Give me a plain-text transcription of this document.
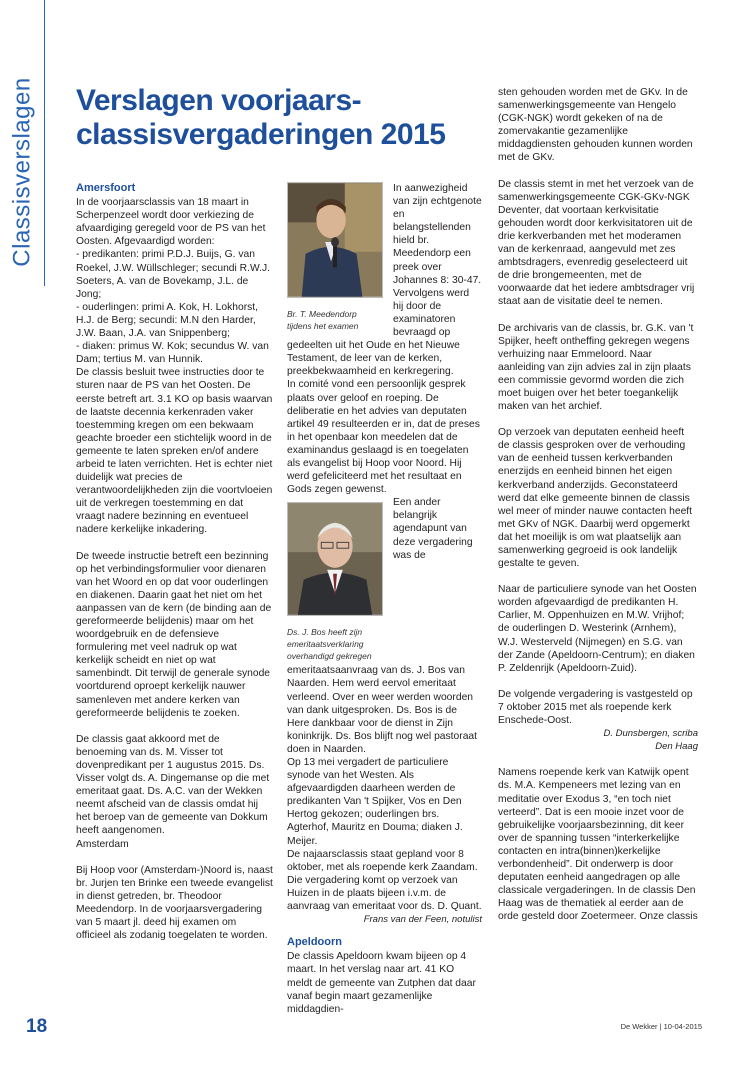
Classisverslagen Verslagen voorjaars-classisvergaderingen 2015
Amersfoort

In de voorjaarsclassis van 18 maart in Scherpenzeel wordt door verkiezing de afvaardiging geregeld voor de PS van het Oosten. Afgevaardigd worden:

- predikanten: primi P.D.J. Buijs, G. van Roekel, J.W. Wüllschleger; secundi R.W.J. Soeters, A. van de Bovekamp, J.L. de Jong;

- ouderlingen: primi A. Kok, H. Lokhorst, H.J. de Berg; secundi: M.N den Harder, J.W. Baan, J.A. van Snippenberg;

- diaken: primus W. Kok; secundus W. van Dam; tertius M. van Hunnik.

De classis besluit twee instructies door te sturen naar de PS van het Oosten. De eerste betreft art. 3.1 KO op basis waarvan de laatste decennia kerkenraden vaker toestemming kregen om een bekwaam geachte broeder een stichtelijk woord in de gemeente te laten spreken en/of andere arbeid te laten verrichten. Het is echter niet duidelijk wat precies de verantwoordelijkheden zijn die voortvloeien uit de verkregen toestemming en dat vraagt nadere bezinning en eventueel nadere kerkelijke inkadering.

De tweede instructie betreft een bezinning op het verbindingsformulier voor dienaren van het Woord en op dat voor ouderlingen en diakenen. Daarin gaat het niet om het aanpassen van de kern (de binding aan de gereformeerde belijdenis) maar om het woordgebruik en de defensieve formulering met veel nadruk op wat kerkelijk scheidt en niet op wat samenbindt. Dit terwijl de generale synode voortdurend oproept kerkelijk nauwer samenleven met andere kerken van gereformeerde belijdenis te zoeken.

De classis gaat akkoord met de benoeming van ds. M. Visser tot dovenpredikant per 1 augustus 2015. Ds. Visser volgt ds. A. Dingemanse op die met emeritaat gaat. Ds. A.C. van der Wekken neemt afscheid van de classis omdat hij het beroep van de gemeente van Dokkum heeft aangenomen.

Amsterdam

Bij Hoop voor (Amsterdam-)Noord is, naast br. Jurjen ten Brinke een tweede evangelist in dienst getreden, br. Theodoor Meedendorp. In de voorjaarsvergadering van 5 maart jl. deed hij examen om officieel als zodanig toegelaten te worden.

Br. T. Meedendorp tijdens het examen

In aanwezigheid van zijn echtgenote en belangstellenden hield br. Meedendorp een preek over Johannes 8: 30-47. Vervolgens werd hij door de examinatoren bevraagd op gedeelten uit het Oude en het Nieuwe Testament, de leer van de kerken, preekbekwaamheid en kerkregering.

In comité vond een persoonlijk gesprek plaats over geloof en roeping. De deliberatie en het advies van deputaten artikel 49 resulteerden er in, dat de preses in het openbaar kon meedelen dat de examinandus geslaagd is en toegelaten als evangelist bij Hoop voor Noord. Hij werd gefeliciteerd met het resultaat en Gods zegen gewenst.

Ds. J. Bos heeft zijn emeritaatsverklaring overhandigd gekregen

Een ander belangrijk agendapunt van deze vergadering was de emeritaatsaanvraag van ds. J. Bos van Naarden. Hem werd eervol emeritaat verleend. Over en weer werden woorden van dank uitgesproken. Ds. Bos is de Here dankbaar voor de dienst in Zijn koninkrijk. Ds. Bos blijft nog wel pastoraat doen in Naarden.

Op 13 mei vergadert de particuliere synode van het Westen. Als afgevaardigden daarheen werden de predikanten Van 't Spijker, Vos en Den Hertog gekozen; ouderlingen brs. Agterhof, Mauritz en Douma; diaken J. Meijer.

De najaarsclassis staat gepland voor 8 oktober, met als roepende kerk Zaandam. Die vergadering komt op verzoek van Huizen in de plaats bijeen i.v.m. de aanvraag van emeritaat voor ds. D. Quant.

Frans van der Feen, notulist

Apeldoorn

De classis Apeldoorn kwam bijeen op 4 maart. In het verslag naar art. 41 KO meldt de gemeente van Zutphen dat daar vanaf begin maart gezamenlijke middagdien-

sten gehouden worden met de GKv. In de samenwerkingsgemeente van Hengelo (CGK-NGK) wordt gekeken of na de zomervakantie gezamenlijke middagdiensten gehouden kunnen worden met de GKv.

De classis stemt in met het verzoek van de samenwerkingsgemeente CGK-GKv-NGK Deventer, dat voortaan kerkvisitatie gehouden wordt door kerkvisitatoren uit de drie kerkverbanden met het moderamen van de kerkenraad, aangevuld met zes ambtsdragers, evenredig geselecteerd uit de drie brongemeenten, met de voorwaarde dat het iedere ambtsdrager vrij staat aan de visitatie deel te nemen.

De archivaris van de classis, br. G.K. van 't Spijker, heeft ontheffing gekregen wegens verhuizing naar Emmeloord. Naar aanleiding van zijn advies zal in zijn plaats een commissie gevormd worden die zich moet buigen over het beter toegankelijk maken van het archief.

Op verzoek van deputaten eenheid heeft de classis gesproken over de verhouding van de eenheid tussen kerkverbanden enerzijds en eenheid binnen het eigen kerkverband anderzijds. Geconstateerd werd dat elke gemeente binnen de classis wel meer of minder nauwe contacten heeft met GKv of NGK. Daarbij werd opgemerkt dat het moeilijk is om wat plaatselijk aan samenwerking gegroeid is ook landelijk gestalte te geven.

Naar de particuliere synode van het Oosten worden afgevaardigd de predikanten H. Carlier, M. Oppenhuizen en M.W. Vrijhof; de ouderlingen D. Westerink (Arnhem), W.J. Westerveld (Nijmegen) en S.G. van der Zande (Apeldoorn-Centrum); en diaken P. Zeldenrijk (Apeldoorn-Zuid).

De volgende vergadering is vastgesteld op 7 oktober 2015 met als roepende kerk Enschede-Oost.

D. Dunsbergen, scriba

Den Haag

Namens roepende kerk van Katwijk opent ds. M.A. Kempeneers met lezing van en meditatie over Exodus 3, “en toch niet verteerd”. Dat is een mooie inzet voor de gebruikelijke voorjaarsbezinning, dit keer over de spanning tussen “interkerkelijke contacten en intra(binnen)kerkelijke verbondenheid”. Dit onderwerp is door deputaten eenheid aangedragen op alle classicale vergaderingen. In de classis Den Haag was de thematiek al eerder aan de orde gesteld door Zoetermeer. Onze classis

18	De Wekker | 10-04-2015
